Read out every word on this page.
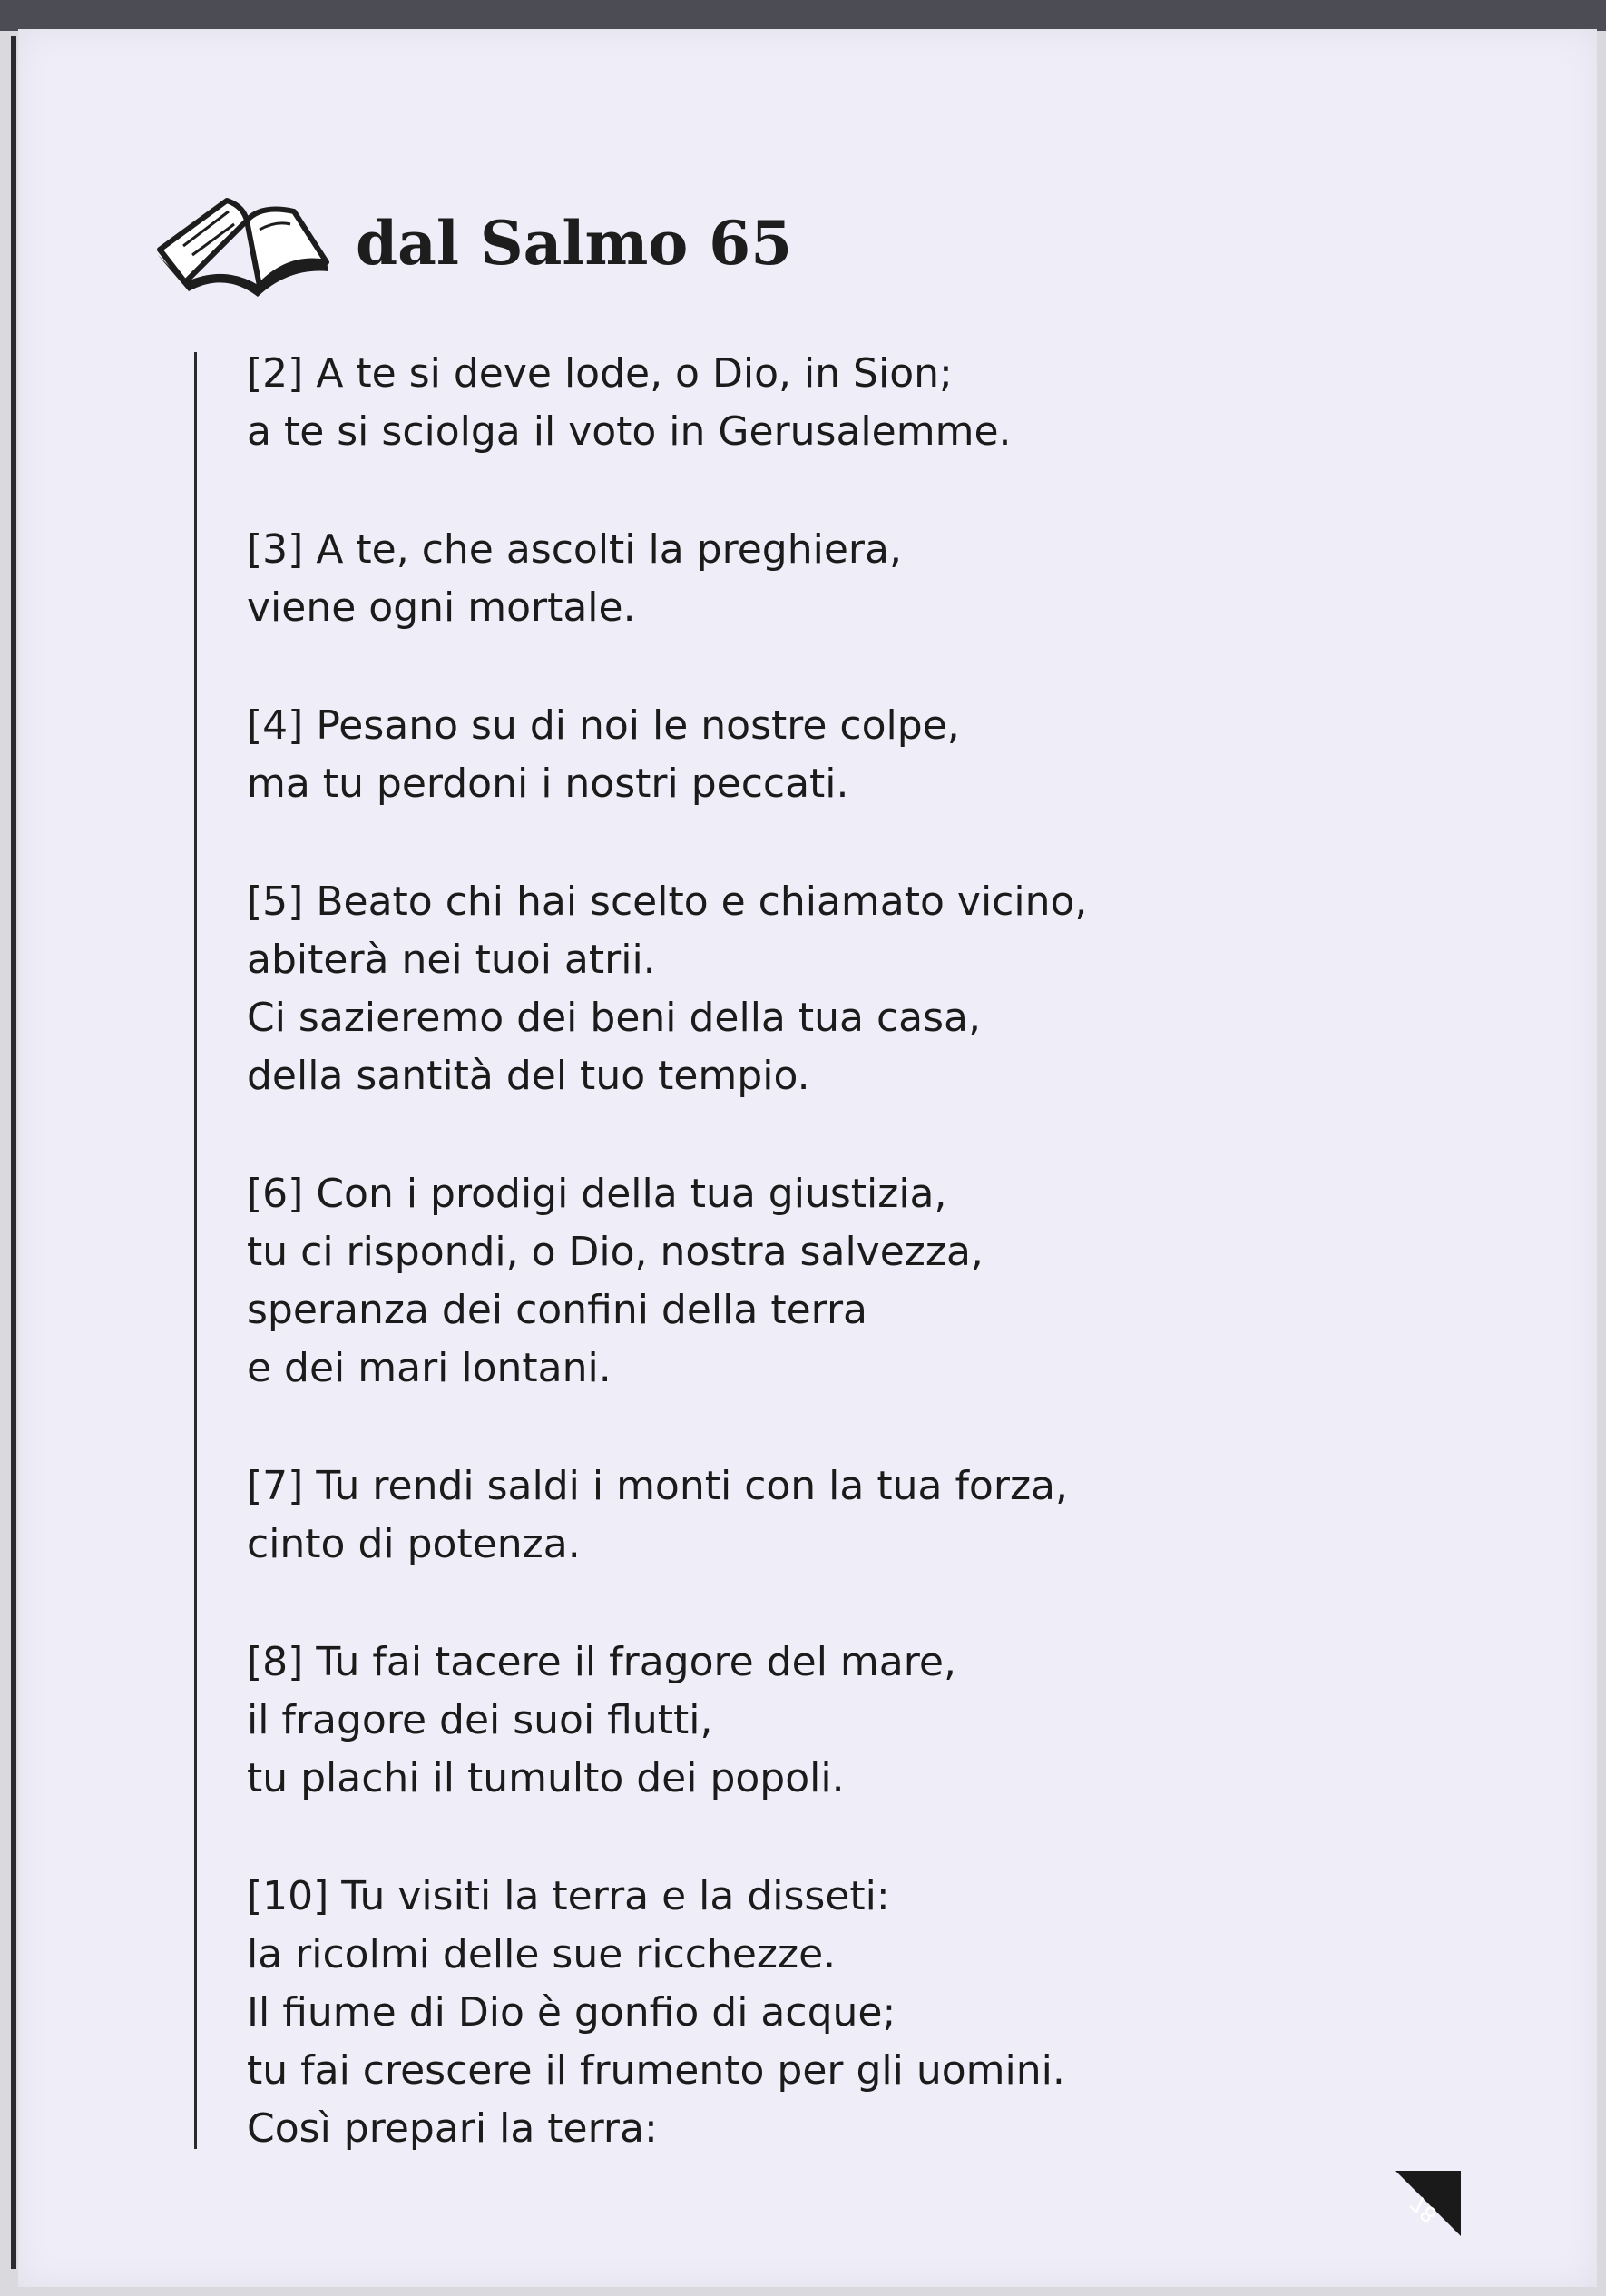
dal Salmo 65
[2] A te si deve lode, o Dio, in Sion;
a te si sciolga il voto in Gerusalemme.
[3] A te, che ascolti la preghiera,
viene ogni mortale.
[4] Pesano su di noi le nostre colpe,
ma tu perdoni i nostri peccati.
[5] Beato chi hai scelto e chiamato vicino,
abiterà nei tuoi atrii.
Ci sazieremo dei beni della tua casa,
della santità del tuo tempio.
[6] Con i prodigi della tua giustizia,
tu ci rispondi, o Dio, nostra salvezza,
speranza dei confini della terra
e dei mari lontani.
[7] Tu rendi saldi i monti con la tua forza,
cinto di potenza.
[8] Tu fai tacere il fragore del mare,
il fragore dei suoi flutti,
tu plachi il tumulto dei popoli.
[10] Tu visiti la terra e la disseti:
la ricolmi delle sue ricchezze.
Il fiume di Dio è gonfio di acque;
tu fai crescere il frumento per gli uomini.
Così prepari la terra:
78
